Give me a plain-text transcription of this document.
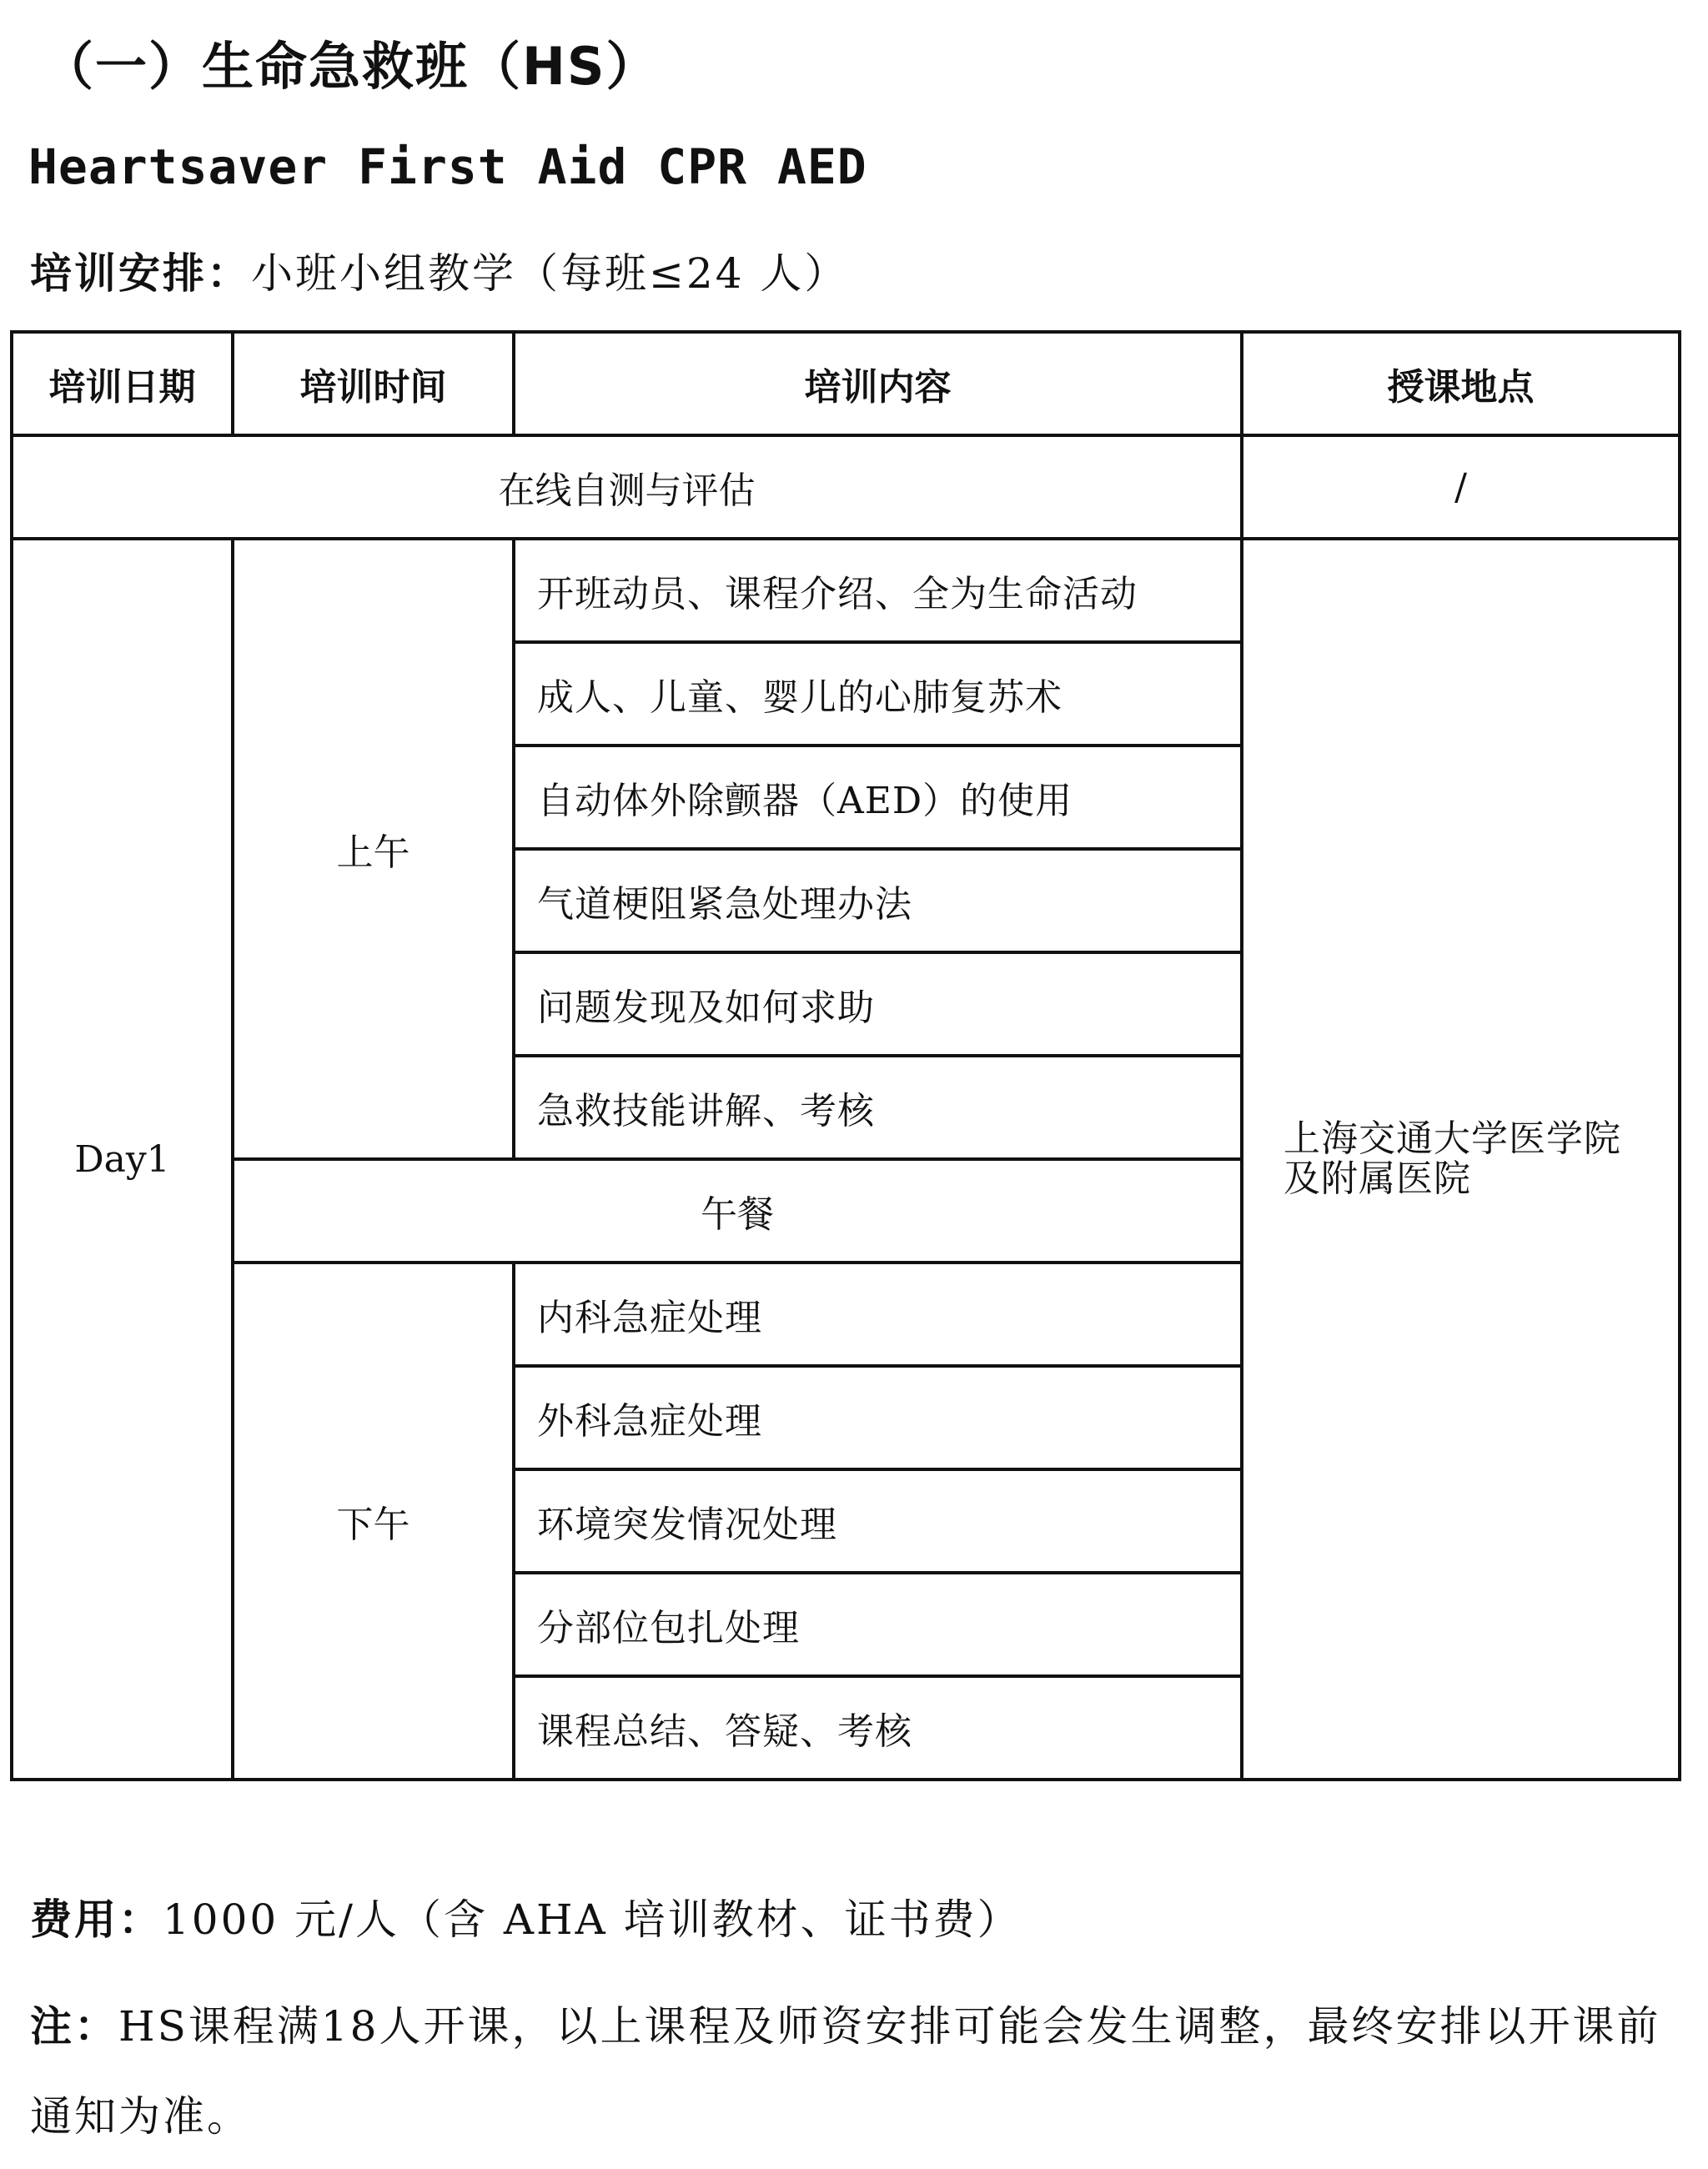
（一）生命急救班（HS）
Heartsaver First Aid CPR AED
培训安排：小班小组教学（每班≤24 人）
培训日期	培训时间	培训内容	授课地点
在线自测与评估			/
Day1	上午	开班动员、课程介绍、全为生命活动	上海交通大学医学院及附属医院
		成人、儿童、婴儿的心肺复苏术	
		自动体外除颤器（AED）的使用	
		气道梗阻紧急处理办法	
		问题发现及如何求助	
		急救技能讲解、考核	
	午餐		
	下午	内科急症处理	
		外科急症处理	
		环境突发情况处理	
		分部位包扎处理	
		课程总结、答疑、考核	
费用：1000 元/人（含 AHA 培训教材、证书费）
注：HS课程满18人开课，以上课程及师资安排可能会发生调整，最终安排以开课前通知为准。
